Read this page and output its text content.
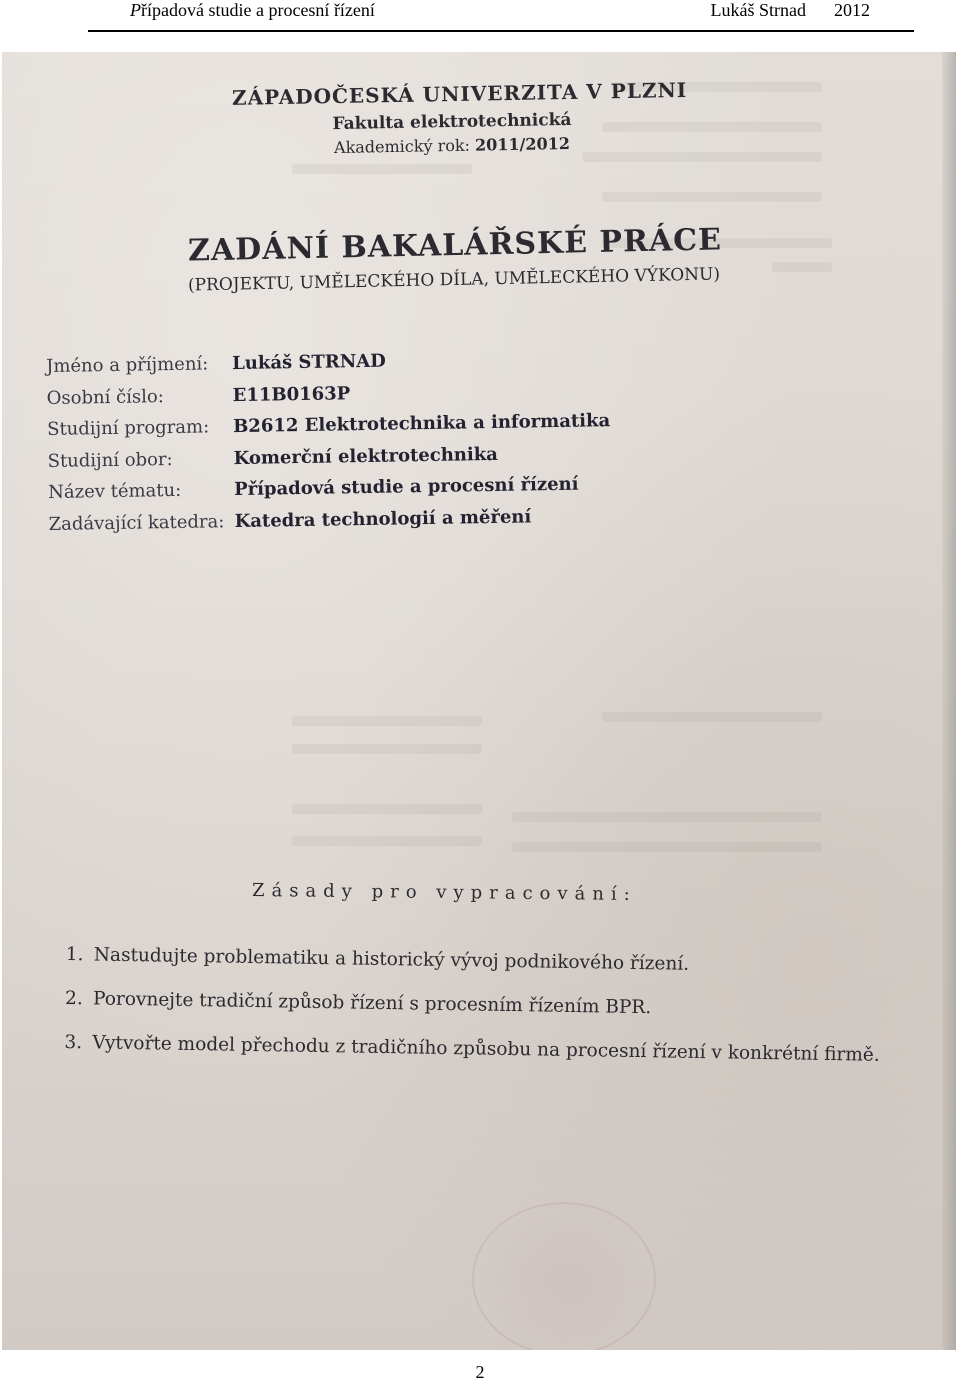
Případová studie a procesní řízení	Lukáš Strnad 2012
ZÁPADOČESKÁ UNIVERZITA V PLZNI
Fakulta elektrotechnická
Akademický rok: 2011/2012
ZADÁNÍ BAKALÁŘSKÉ PRÁCE
(PROJEKTU, UMĚLECKÉHO DÍLA, UMĚLECKÉHO VÝKONU)
Jméno a příjmení: Lukáš STRNAD
Osobní číslo:	E11B0163P
Studijní program: B2612 Elektrotechnika a informatika
Studijní obor:	Komerční elektrotechnika
Název tématu:	Případová studie a procesní řízení
Zadávající katedra: Katedra technologií a měření
Zásady pro vypracování:
1. Nastudujte problematiku a historický vývoj podnikového řízení.
2. Porovnejte tradiční způsob řízení s procesním řízením BPR.
3. Vytvořte model přechodu z tradičního způsobu na procesní řízení v konkrétní firmě.
2
